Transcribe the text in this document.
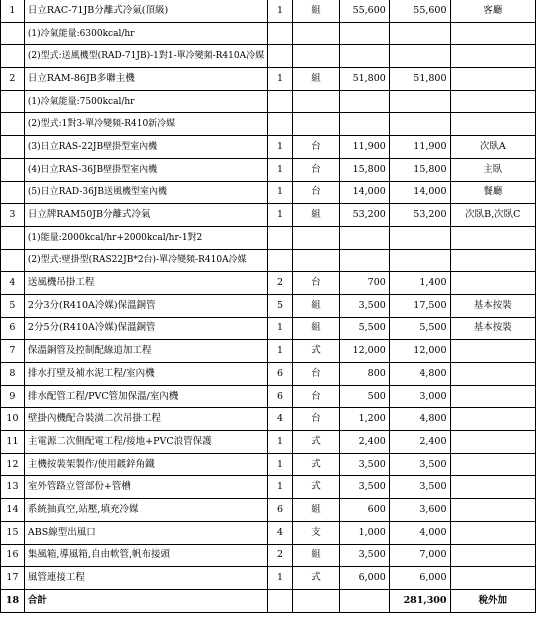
1	日立RAC-71JB分離式冷氣(頂級)	1	組	55,600	55,600	客廳
	(1)冷氣能量:6300kcal/hr					
	(2)型式:送風機型(RAD-71JB)-1對1-單冷變頻-R410A冷媒					
2	日立RAM-86JB多聯主機	1	組	51,800	51,800	
	(1)冷氣能量:7500kcal/hr					
	(2)型式:1對3-單冷變頻-R410新冷媒					
	(3)日立RAS-22JB壁掛型室內機	1	台	11,900	11,900	次臥A
	(4)日立RAS-36JB壁掛型室內機	1	台	15,800	15,800	主臥
	(5)日立RAD-36JB送風機型室內機	1	台	14,000	14,000	餐廳
3	日立牌RAM50JB分離式冷氣	1	組	53,200	53,200	次臥B,次臥C
	(1)能量:2000kcal/hr+2000kcal/hr-1對2					
	(2)型式:壁掛型(RAS22JB*2台)-單冷變頻-R410A冷媒					
4	送風機吊掛工程	2	台	700	1,400	
5	2分3分(R410A冷媒)保溫銅管	5	組	3,500	17,500	基本按裝
6	2分5分(R410A冷媒)保溫銅管	1	組	5,500	5,500	基本按裝
7	保溫銅管及控制配線追加工程	1	式	12,000	12,000	
8	排水打壁及補水泥工程/室內機	6	台	800	4,800	
9	排水配管工程/PVC管加保溫/室內機	6	台	500	3,000	
10	壁掛內機配合裝潢二次吊掛工程	4	台	1,200	4,800	
11	主電源二次側配電工程/接地+PVC浪管保護	1	式	2,400	2,400	
12	主機按裝架製作/使用鍍鋅角鐵	1	式	3,500	3,500	
13	室外管路立管部份+管槽	1	式	3,500	3,500	
14	系統抽真空,站壓,填充冷媒	6	組	600	3,600	
15	ABS線型出風口	4	支	1,000	4,000	
16	集風箱,導風箱,自由軟管,帆布接頭	2	組	3,500	7,000	
17	風管連接工程	1	式	6,000	6,000	
18	合計				281,300	稅外加
